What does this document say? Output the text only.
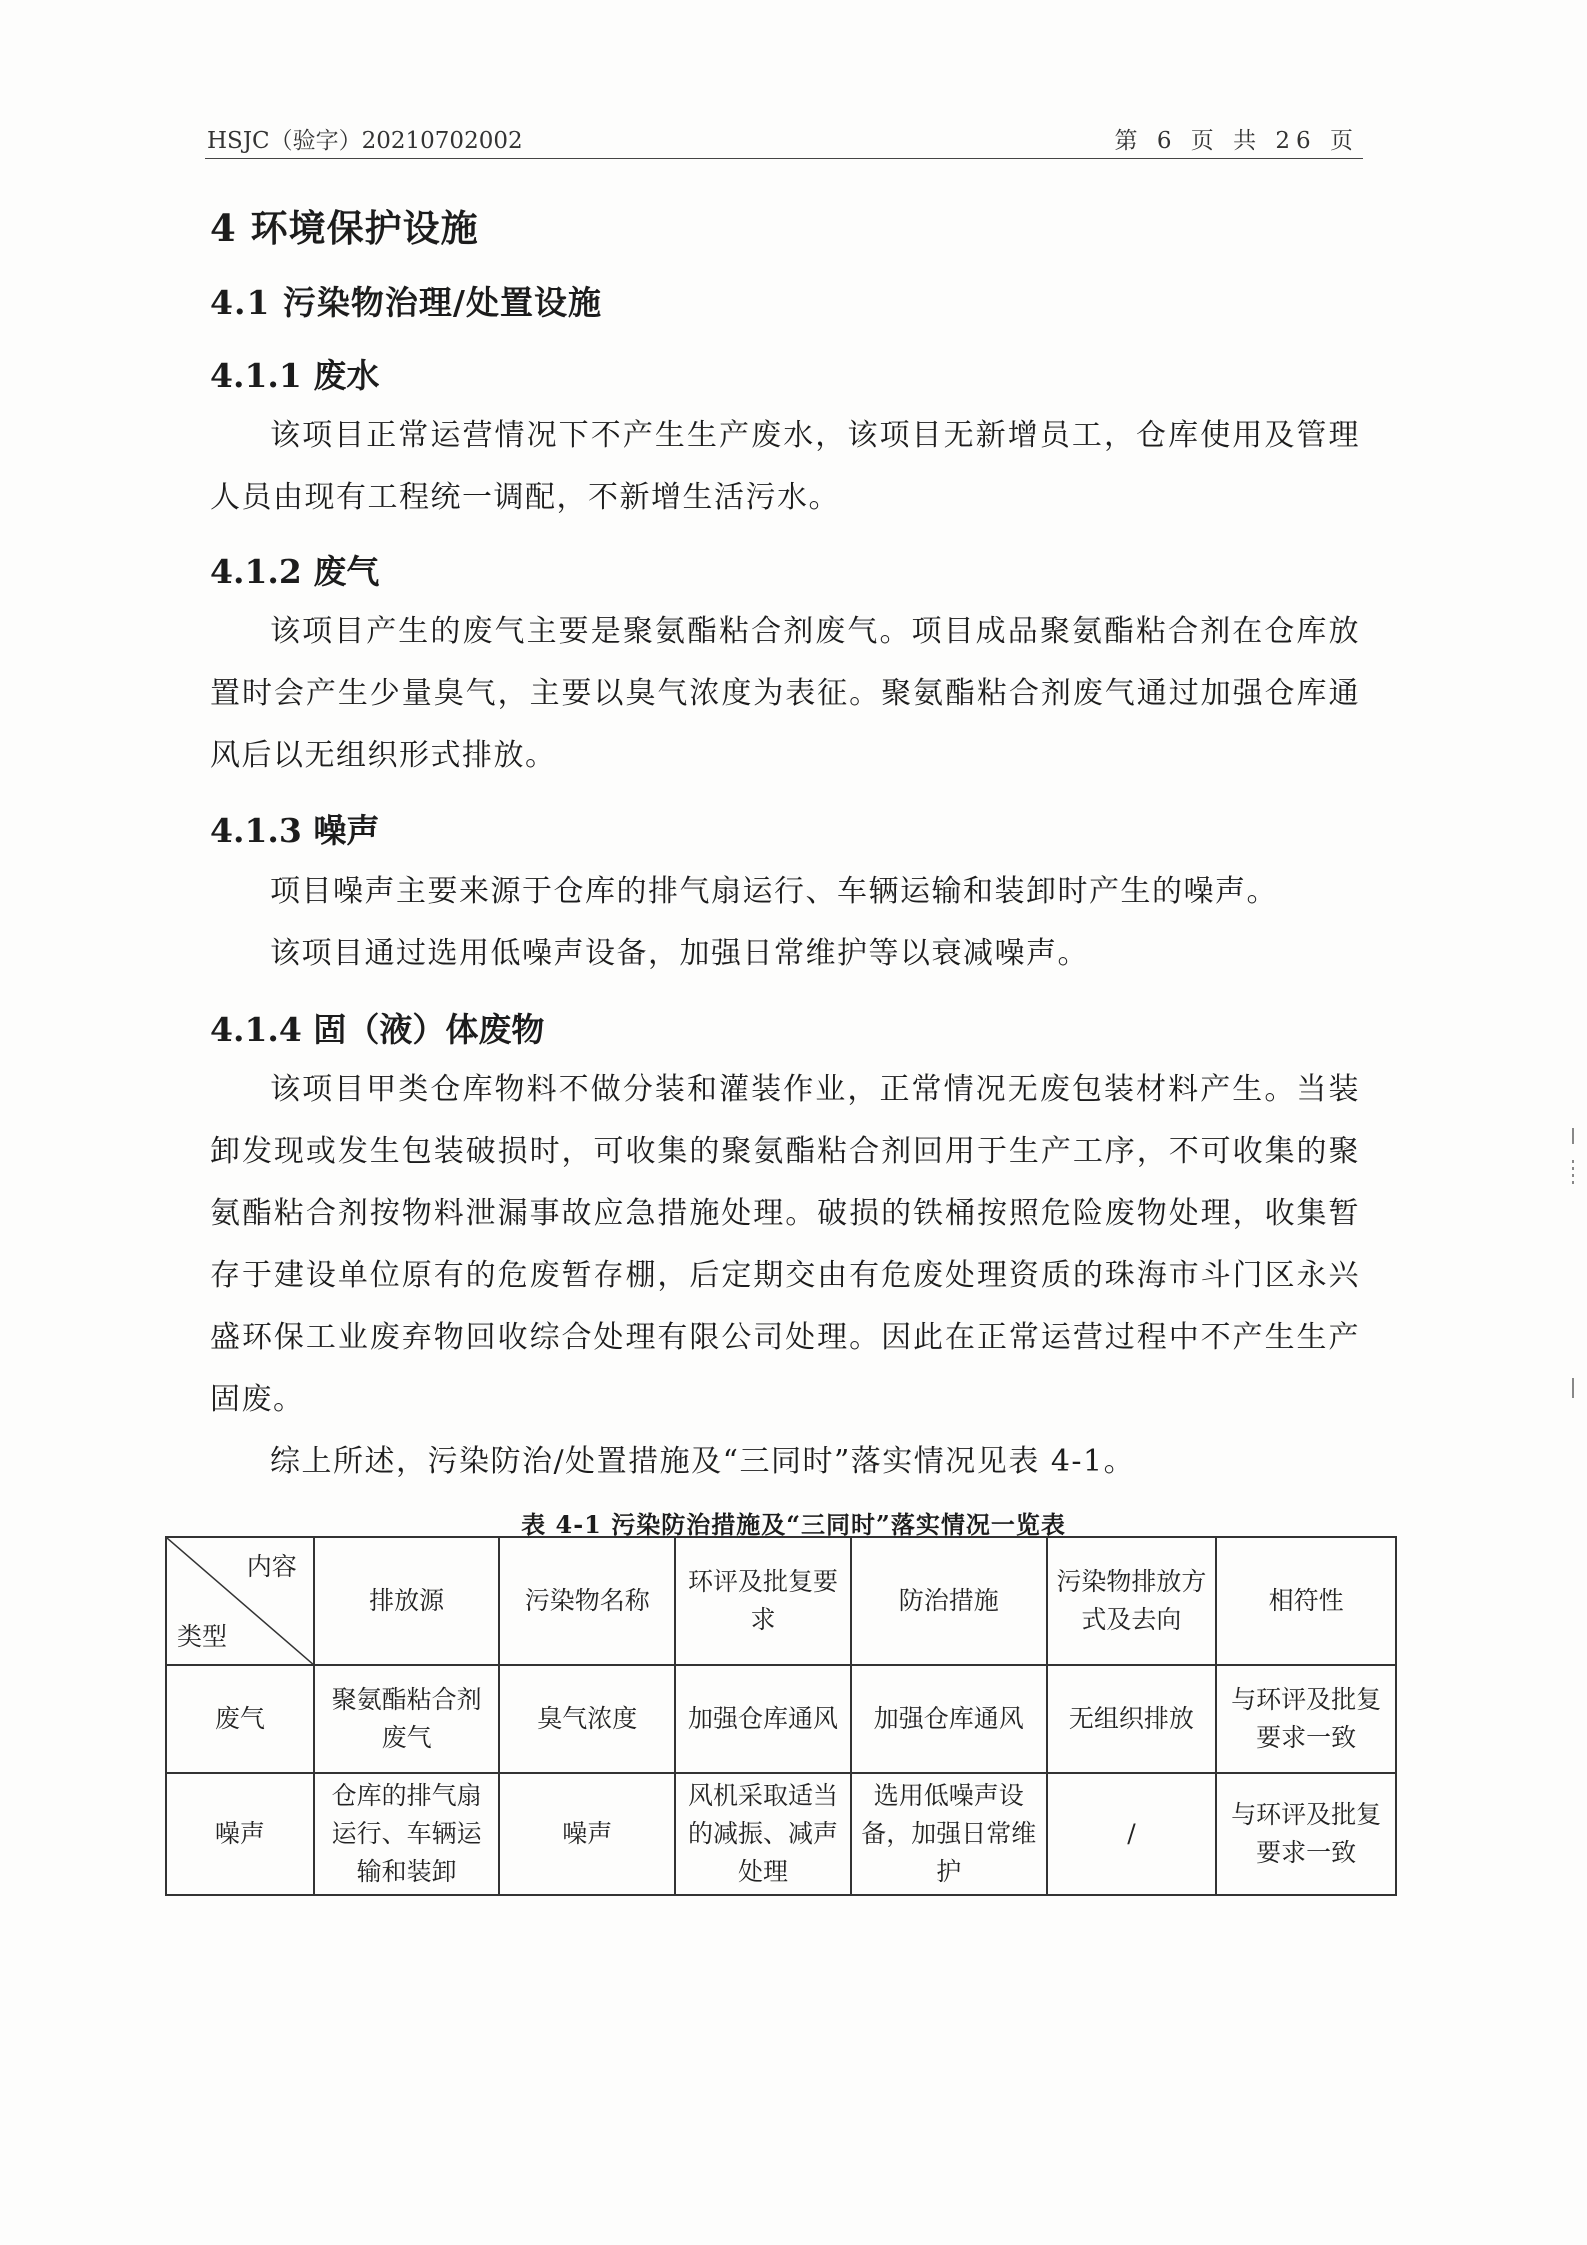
HSJC（验字）20210702002	第 6 页 共 26 页
4 环境保护设施
4.1 污染物治理/处置设施
4.1.1 废水

该项目正常运营情况下不产生生产废水，该项目无新增员工，仓库使用及管理人员由现有工程统一调配，不新增生活污水。

4.1.2 废气

该项目产生的废气主要是聚氨酯粘合剂废气。项目成品聚氨酯粘合剂在仓库放置时会产生少量臭气，主要以臭气浓度为表征。聚氨酯粘合剂废气通过加强仓库通风后以无组织形式排放。

4.1.3 噪声

项目噪声主要来源于仓库的排气扇运行、车辆运输和装卸时产生的噪声。

该项目通过选用低噪声设备，加强日常维护等以衰减噪声。

4.1.4 固（液）体废物

该项目甲类仓库物料不做分装和灌装作业，正常情况无废包装材料产生。当装卸发现或发生包装破损时，可收集的聚氨酯粘合剂回用于生产工序，不可收集的聚氨酯粘合剂按物料泄漏事故应急措施处理。破损的铁桶按照危险废物处理，收集暂存于建设单位原有的危废暂存棚，后定期交由有危废处理资质的珠海市斗门区永兴盛环保工业废弃物回收综合处理有限公司处理。因此在正常运营过程中不产生生产固废。

综上所述，污染防治/处置措施及“三同时”落实情况见表 4-1。

表 4-1 污染防治措施及“三同时”落实情况一览表
内容
类型	排放源	污染物名称	环评及批复要求	防治措施	污染物排放方式及去向	相符性
废气	聚氨酯粘合剂废气	臭气浓度	加强仓库通风	加强仓库通风	无组织排放	与环评及批复要求一致
噪声	仓库的排气扇运行、车辆运输和装卸	噪声	风机采取适当的减振、减声处理	选用低噪声设备，加强日常维护	/	与环评及批复要求一致
